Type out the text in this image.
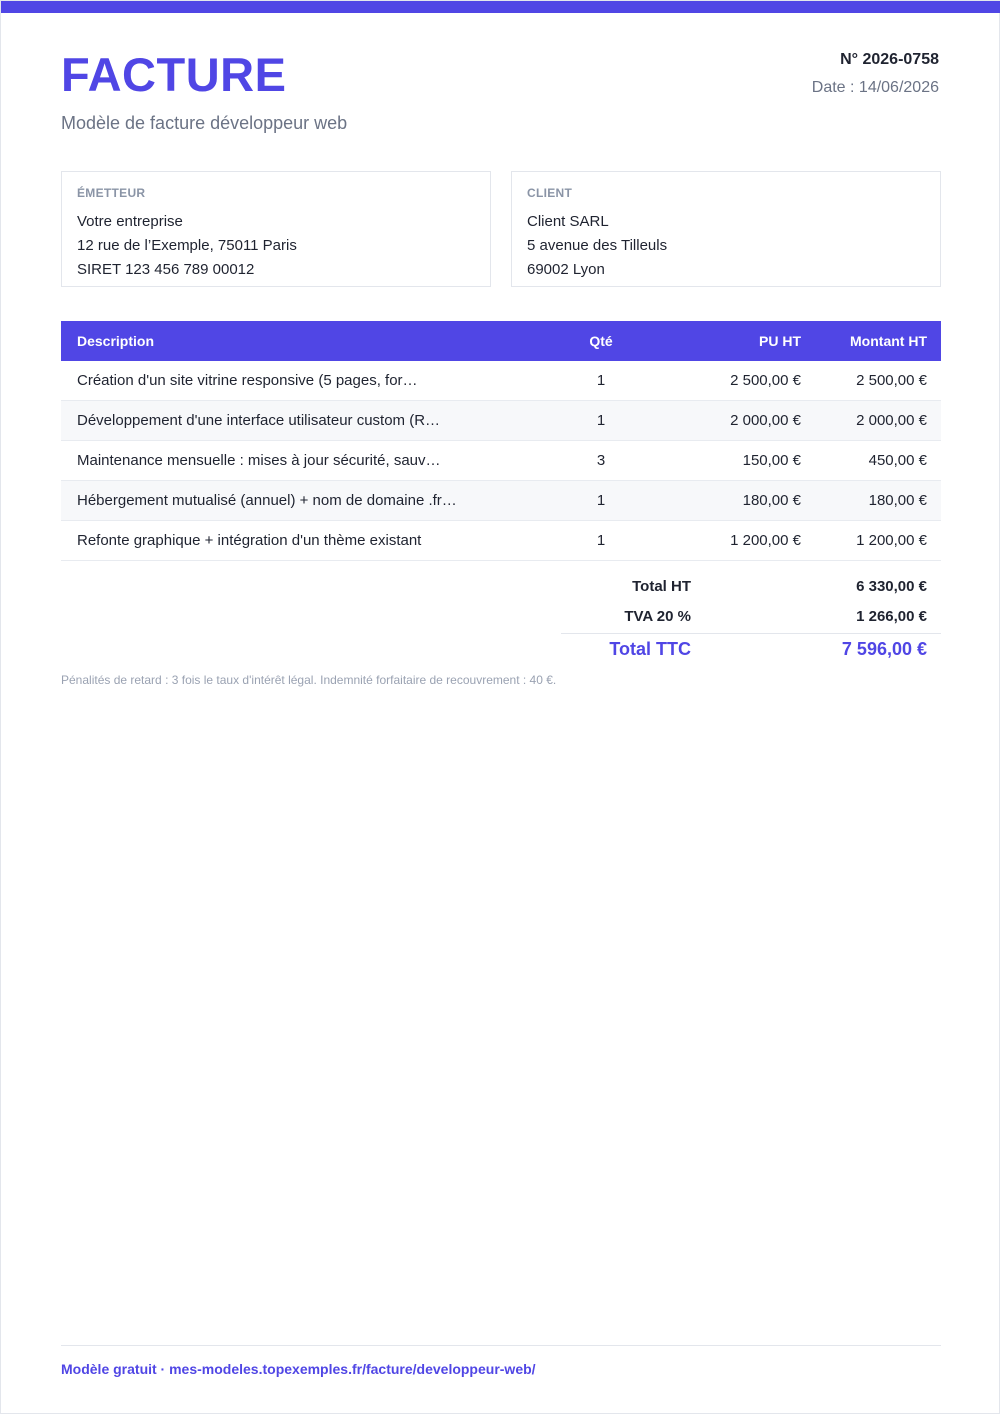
FACTURE
Modèle de facture développeur web
N° 2026-0758
Date : 14/06/2026
ÉMETTEUR
Votre entreprise
12 rue de l’Exemple, 75011 Paris
SIRET 123 456 789 00012
CLIENT
Client SARL
5 avenue des Tilleuls
69002 Lyon
Description	Qté	PU HT	Montant HT
Création d'un site vitrine responsive (5 pages, for…	1	2 500,00 €	2 500,00 €
Développement d'une interface utilisateur custom (R…	1	2 000,00 €	2 000,00 €
Maintenance mensuelle : mises à jour sécurité, sauv…	3	150,00 €	450,00 €
Hébergement mutualisé (annuel) + nom de domaine .fr…	1	180,00 €	180,00 €
Refonte graphique + intégration d'un thème existant	1	1 200,00 €	1 200,00 €
Total HT	6 330,00 €
TVA 20 %	1 266,00 €
Total TTC	7 596,00 €
Pénalités de retard : 3 fois le taux d'intérêt légal. Indemnité forfaitaire de recouvrement : 40 €.
Modèle gratuit · mes-modeles.topexemples.fr/facture/developpeur-web/
